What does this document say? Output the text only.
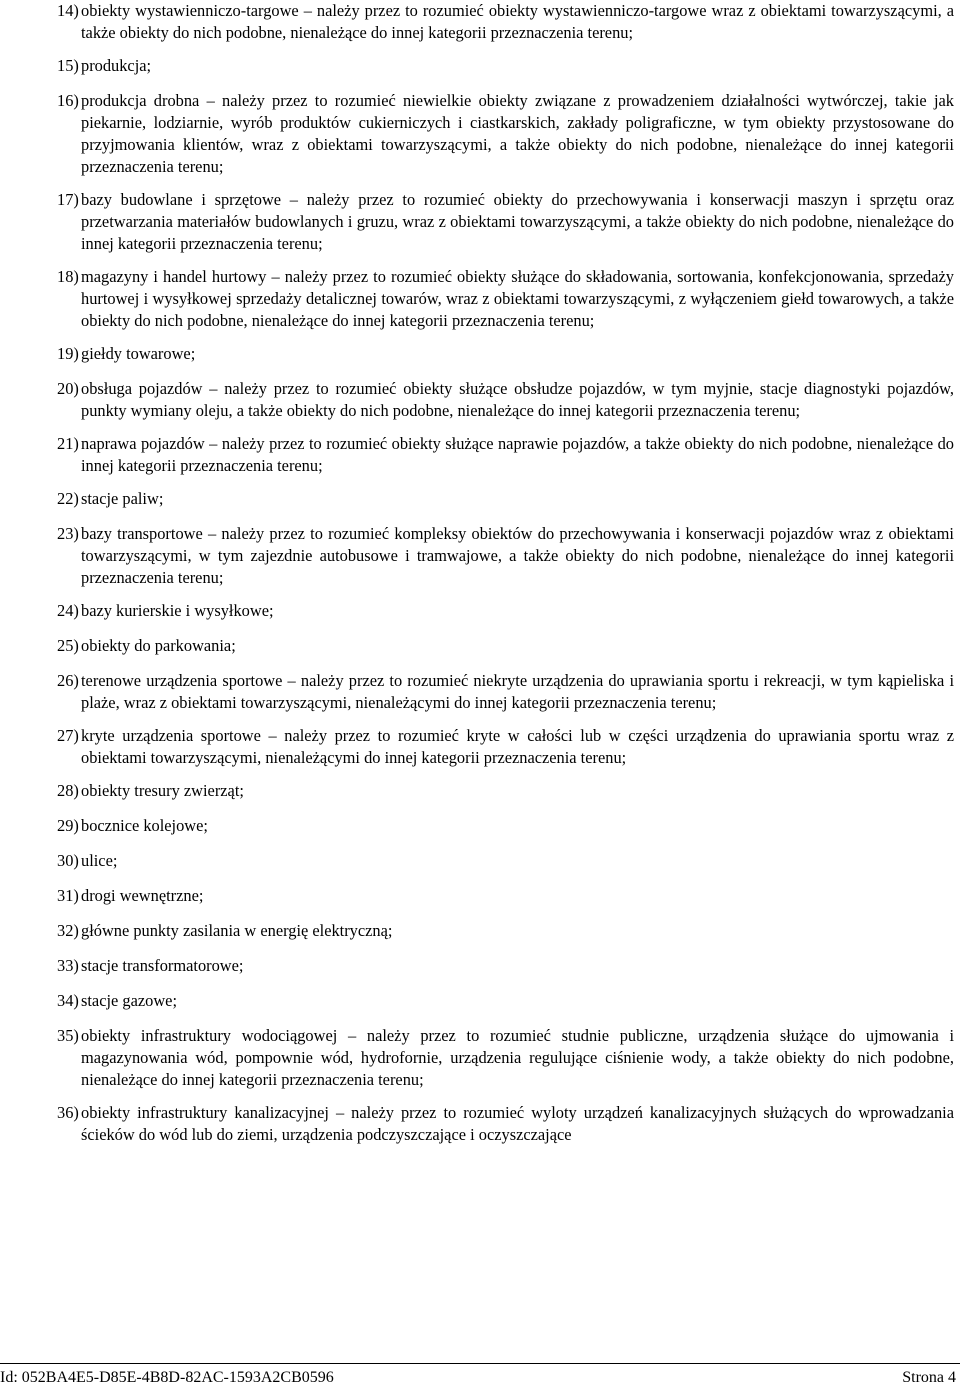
14) obiekty wystawienniczo-targowe – należy przez to rozumieć obiekty wystawienniczo-targowe wraz z obiektami towarzyszącymi, a także obiekty do nich podobne, nienależące do innej kategorii przeznaczenia terenu;
15) produkcja;
16) produkcja drobna – należy przez to rozumieć niewielkie obiekty związane z prowadzeniem działalności wytwórczej, takie jak piekarnie, lodziarnie, wyrób produktów cukierniczych i ciastkarskich, zakłady poligraficzne, w tym obiekty przystosowane do przyjmowania klientów, wraz z obiektami towarzyszącymi, a także obiekty do nich podobne, nienależące do innej kategorii przeznaczenia terenu;
17) bazy budowlane i sprzętowe – należy przez to rozumieć obiekty do przechowywania i konserwacji maszyn i sprzętu oraz przetwarzania materiałów budowlanych i gruzu, wraz z obiektami towarzyszącymi, a także obiekty do nich podobne, nienależące do innej kategorii przeznaczenia terenu;
18) magazyny i handel hurtowy – należy przez to rozumieć obiekty służące do składowania, sortowania, konfekcjonowania, sprzedaży hurtowej i wysyłkowej sprzedaży detalicznej towarów, wraz z obiektami towarzyszącymi, z wyłączeniem giełd towarowych, a także obiekty do nich podobne, nienależące do innej kategorii przeznaczenia terenu;
19) giełdy towarowe;
20) obsługa pojazdów – należy przez to rozumieć obiekty służące obsłudze pojazdów, w tym myjnie, stacje diagnostyki pojazdów, punkty wymiany oleju, a także obiekty do nich podobne, nienależące do innej kategorii przeznaczenia terenu;
21) naprawa pojazdów – należy przez to rozumieć obiekty służące naprawie pojazdów, a także obiekty do nich podobne, nienależące do innej kategorii przeznaczenia terenu;
22) stacje paliw;
23) bazy transportowe – należy przez to rozumieć kompleksy obiektów do przechowywania i konserwacji pojazdów wraz z obiektami towarzyszącymi, w tym zajezdnie autobusowe i tramwajowe, a także obiekty do nich podobne, nienależące do innej kategorii przeznaczenia terenu;
24) bazy kurierskie i wysyłkowe;
25) obiekty do parkowania;
26) terenowe urządzenia sportowe – należy przez to rozumieć niekryte urządzenia do uprawiania sportu i rekreacji, w tym kąpieliska i plaże, wraz z obiektami towarzyszącymi, nienależącymi do innej kategorii przeznaczenia terenu;
27) kryte urządzenia sportowe – należy przez to rozumieć kryte w całości lub w części urządzenia do uprawiania sportu wraz z obiektami towarzyszącymi, nienależącymi do innej kategorii przeznaczenia terenu;
28) obiekty tresury zwierząt;
29) bocznice kolejowe;
30) ulice;
31) drogi wewnętrzne;
32) główne punkty zasilania w energię elektryczną;
33) stacje transformatorowe;
34) stacje gazowe;
35) obiekty infrastruktury wodociągowej – należy przez to rozumieć studnie publiczne, urządzenia służące do ujmowania i magazynowania wód, pompownie wód, hydrofornie, urządzenia regulujące ciśnienie wody, a także obiekty do nich podobne, nienależące do innej kategorii przeznaczenia terenu;
36) obiekty infrastruktury kanalizacyjnej – należy przez to rozumieć wyloty urządzeń kanalizacyjnych służących do wprowadzania ścieków do wód lub do ziemi, urządzenia podczyszczające i oczyszczające
Id: 052BA4E5-D85E-4B8D-82AC-1593A2CB0596	Strona 4
